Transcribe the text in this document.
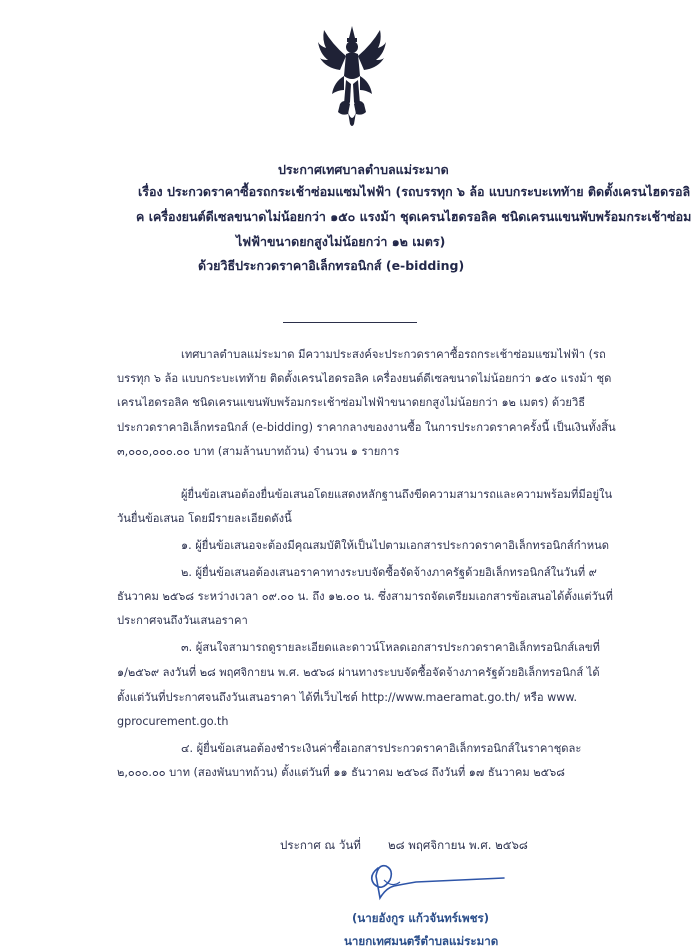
ประกาศเทศบาลตำบลแม่ระมาด
เรื่อง ประกวดราคาซื้อรถกระเช้าซ่อมแซมไฟฟ้า (รถบรรทุก ๖ ล้อ แบบกระบะเททัาย ติดตั้งเครนไฮดรอลิ
ค เครื่องยนต์ดีเซลขนาดไม่น้อยกว่า ๑๕๐ แรงม้า ชุดเครนไฮดรอลิค ชนิดเครนแขนพับพร้อมกระเช้าซ่อม
ไฟฟ้าขนาดยกสูงไม่น้อยกว่า ๑๒ เมตร)
ด้วยวิธีประกวดราคาอิเล็กทรอนิกส์ (e-bidding)
เทศบาลตำบลแม่ระมาด มีความประสงค์จะประกวดราคาซื้อรถกระเช้าซ่อมแซมไฟฟ้า (รถ
บรรทุก ๖ ล้อ แบบกระบะเททัาย ติดตั้งเครนไฮดรอลิค เครื่องยนต์ดีเซลขนาดไม่น้อยกว่า ๑๕๐ แรงม้า ชุด
เครนไฮดรอลิค ชนิดเครนแขนพับพร้อมกระเช้าซ่อมไฟฟ้าขนาดยกสูงไม่น้อยกว่า ๑๒ เมตร) ด้วยวิธี
ประกวดราคาอิเล็กทรอนิกส์ (e-bidding) ราคากลางของงานซื้อ ในการประกวดราคาครั้งนี้ เป็นเงินทั้งสิ้น
๓,๐๐๐,๐๐๐.๐๐ บาท (สามล้านบาทถ้วน) จำนวน ๑ รายการ
ผู้ยื่นข้อเสนอต้องยื่นข้อเสนอโดยแสดงหลักฐานถึงขีดความสามารถและความพร้อมที่มีอยู่ใน
วันยื่นข้อเสนอ โดยมีรายละเอียดดังนี้
๑. ผู้ยื่นข้อเสนอจะต้องมีคุณสมบัติให้เป็นไปตามเอกสารประกวดราคาอิเล็กทรอนิกส์กำหนด
๒. ผู้ยื่นข้อเสนอต้องเสนอราคาทางระบบจัดซื้อจัดจ้างภาครัฐด้วยอิเล็กทรอนิกส์ในวันที่ ๙
ธันวาคม ๒๕๖๘ ระหว่างเวลา ๐๙.๐๐ น. ถึง ๑๒.๐๐ น. ซึ่งสามารถจัดเตรียมเอกสารข้อเสนอได้ตั้งแต่วันที่
ประกาศจนถึงวันเสนอราคา
๓. ผู้สนใจสามารถดูรายละเอียดและดาวน์โหลดเอกสารประกวดราคาอิเล็กทรอนิกส์เลขที่
๑/๒๕๖๙ ลงวันที่ ๒๘ พฤศจิกายน พ.ศ. ๒๕๖๘ ผ่านทางระบบจัดซื้อจัดจ้างภาครัฐด้วยอิเล็กทรอนิกส์ ได้
ตั้งแต่วันที่ประกาศจนถึงวันเสนอราคา ได้ที่เว็บไซต์ http://www.maeramat.go.th/ หรือ www.
gprocurement.go.th
๔. ผู้ยื่นข้อเสนอต้องชำระเงินค่าซื้อเอกสารประกวดราคาอิเล็กทรอนิกส์ในราคาชุดละ
๒,๐๐๐.๐๐ บาท (สองพันบาทถ้วน) ตั้งแต่วันที่ ๑๑ ธันวาคม ๒๕๖๘ ถึงวันที่ ๑๗ ธันวาคม ๒๕๖๘
ประกาศ ณ วันที่ ๒๘ พฤศจิกายน พ.ศ. ๒๕๖๘
(นายอังกูร แก้วจันทร์เพชร)
นายกเทศมนตรีตำบลแม่ระมาด
